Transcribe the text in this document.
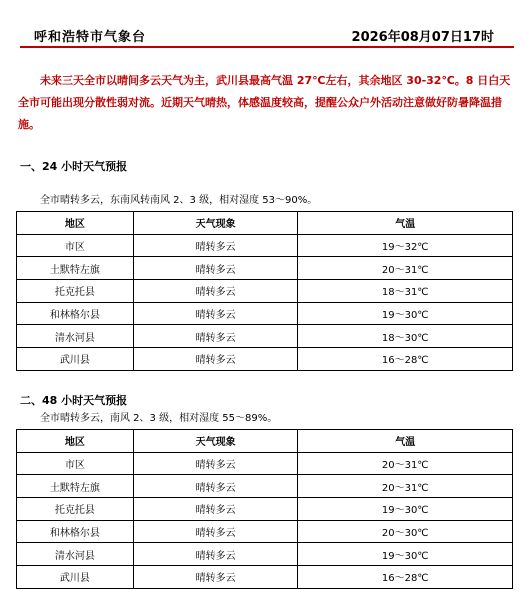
呼和浩特市气象台	2026年08月07日17时

未来三天全市以晴间多云天气为主，武川县最高气温 27℃左右，其余地区 30-32℃。8 日白天全市可能出现分散性弱对流。近期天气晴热，体感温度较高，提醒公众户外活动注意做好防暑降温措施。

一、24 小时天气预报
全市晴转多云，东南风转南风 2、3 级，相对湿度 53～90%。
地区	天气现象	气温
市区	晴转多云	19～32℃
土默特左旗	晴转多云	20～31℃
托克托县	晴转多云	18～31℃
和林格尔县	晴转多云	19～30℃
清水河县	晴转多云	18～30℃
武川县	晴转多云	16～28℃
二、48 小时天气预报
全市晴转多云，南风 2、3 级，相对湿度 55～89%。
地区	天气现象	气温
市区	晴转多云	20～31℃
土默特左旗	晴转多云	20～31℃
托克托县	晴转多云	19～30℃
和林格尔县	晴转多云	20～30℃
清水河县	晴转多云	19～30℃
武川县	晴转多云	16～28℃
